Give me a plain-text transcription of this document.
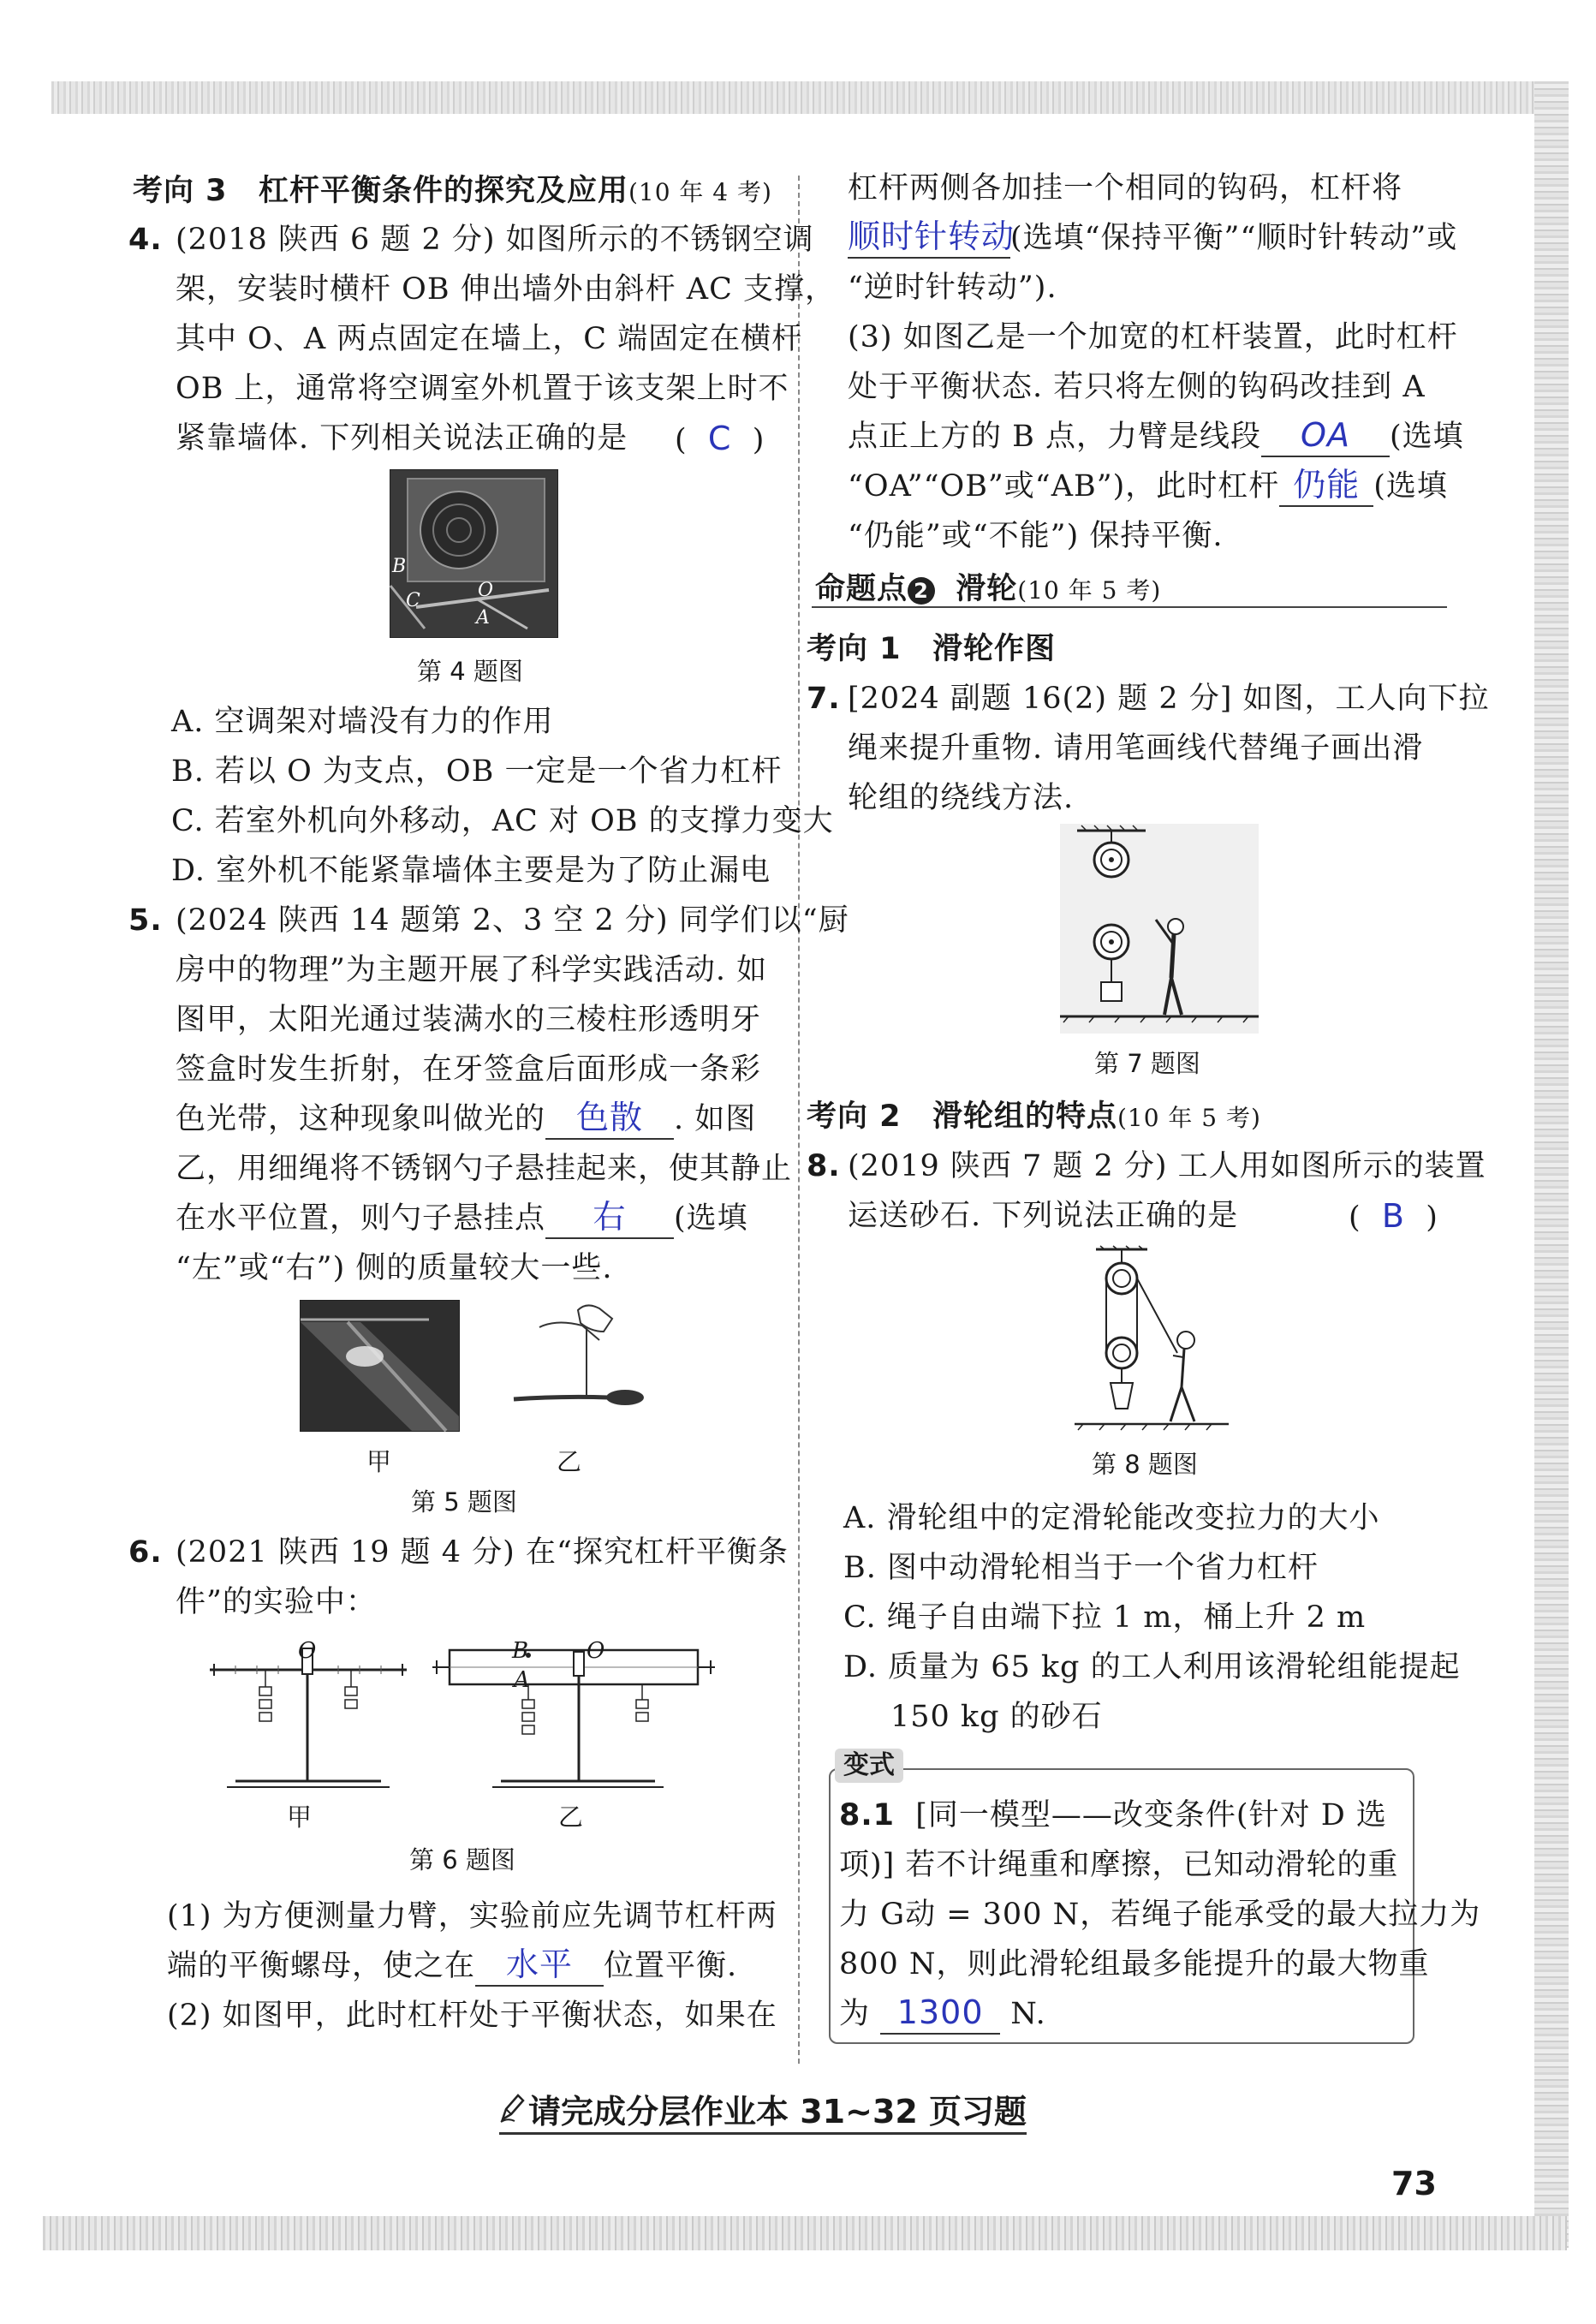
考向 3 杠杆平衡条件的探究及应用(10 年 4 考)
4. (2018 陕西 6 题 2 分) 如图所示的不锈钢空调
架，安装时横杆 OB 伸出墙外由斜杆 AC 支撑，
其中 O、A 两点固定在墙上，C 端固定在横杆
OB 上，通常将空调室外机置于该支架上时不
紧靠墙体. 下列相关说法正确的是 ( C )
B
C	O
A
第 4 题图
A. 空调架对墙没有力的作用
B. 若以 O 为支点，OB 一定是一个省力杠杆
C. 若室外机向外移动，AC 对 OB 的支撑力变大
D. 室外机不能紧靠墙体主要是为了防止漏电
5. (2024 陕西 14 题第 2、3 空 2 分) 同学们以“厨
房中的物理”为主题开展了科学实践活动. 如
图甲，太阳光通过装满水的三棱柱形透明牙
签盒时发生折射，在牙签盒后面形成一条彩
色光带，这种现象叫做光的 色散 . 如图
乙，用细绳将不锈钢勺子悬挂起来，使其静止
在水平位置，则勺子悬挂点 右 (选填
“左”或“右”) 侧的质量较大一些.
甲	乙
第 5 题图
6. (2021 陕西 19 题 4 分) 在“探究杠杆平衡条
件”的实验中：
O	B	O
A
甲	乙
第 6 题图
(1) 为方便测量力臂，实验前应先调节杠杆两
端的平衡螺母，使之在 水平 位置平衡.
(2) 如图甲，此时杠杆处于平衡状态，如果在
杠杆两侧各加挂一个相同的钩码，杠杆将
顺时针转动(选填“保持平衡”“顺时针转动”或
“逆时针转动”).
(3) 如图乙是一个加宽的杠杆装置，此时杠杆
处于平衡状态. 若只将左侧的钩码改挂到 A
点正上方的 B 点，力臂是线段 OA (选填
“OA”“OB”或“AB”)，此时杠杆 仍能 (选填
“仍能”或“不能”) 保持平衡.
命题点 2 滑轮(10 年 5 考)
考向 1 滑轮作图
7. [2024 副题 16(2) 题 2 分] 如图，工人向下拉
绳来提升重物. 请用笔画线代替绳子画出滑
轮组的绕线方法.
第 7 题图
考向 2 滑轮组的特点(10 年 5 考)
8. (2019 陕西 7 题 2 分) 工人用如图所示的装置
运送砂石. 下列说法正确的是	( B )
第 8 题图
A. 滑轮组中的定滑轮能改变拉力的大小
B. 图中动滑轮相当于一个省力杠杆
C. 绳子自由端下拉 1 m，桶上升 2 m
D. 质量为 65 kg 的工人利用该滑轮组能提起
150 kg 的砂石
变式
8.1 [同一模型——改变条件(针对 D 选
项)] 若不计绳重和摩擦，已知动滑轮的重
力 G动 = 300 N，若绳子能承受的最大拉力为
800 N，则此滑轮组最多能提升的最大物重
为 1300 N.
请完成分层作业本 31~32 页习题
73
